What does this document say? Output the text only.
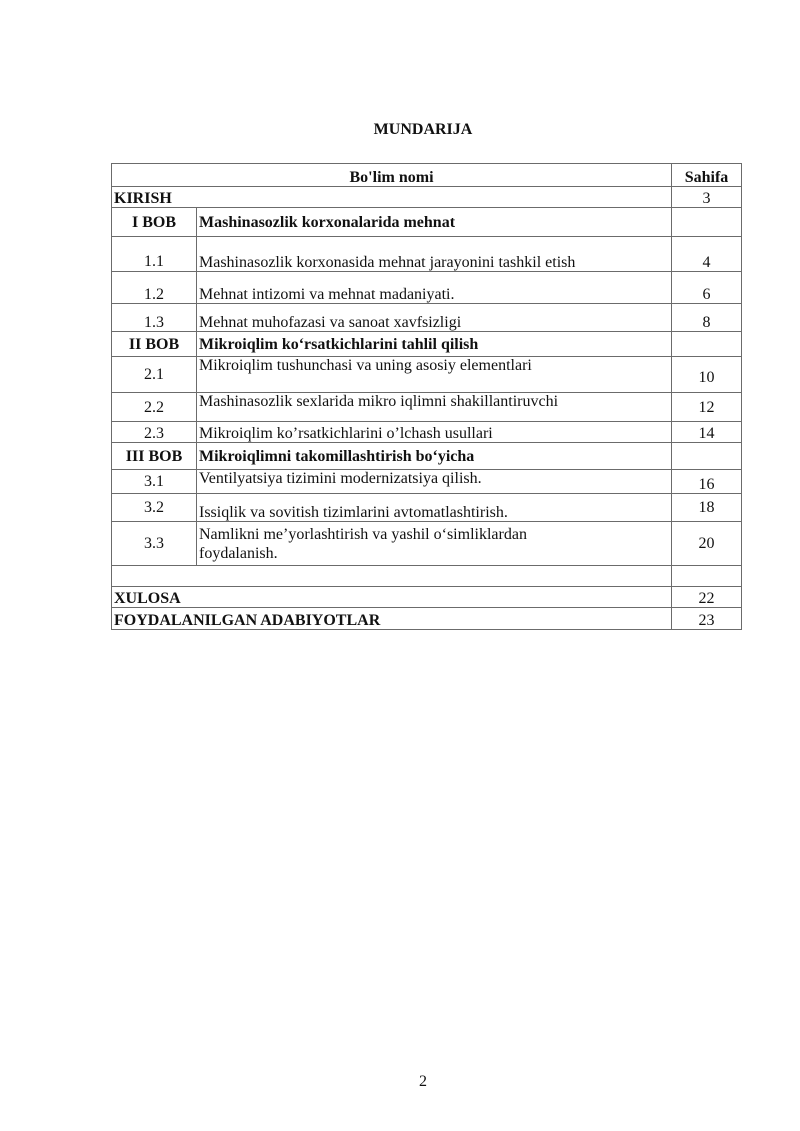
MUNDARIJA
Bo'lim nomi		Sahifa
KIRISH		3
I BOB	Mashinasozlik korxonalarida mehnat	
1.1	Mashinasozlik korxonasida mehnat jarayonini tashkil etish	4
1.2	Mehnat intizomi va mehnat madaniyati.	6
1.3	Mehnat muhofazasi va sanoat xavfsizligi	8
II BOB	Mikroiqlim ko‘rsatkichlarini tahlil qilish	
2.1	Mikroiqlim tushunchasi va uning asosiy elementlari	10
2.2	Mashinasozlik sexlarida mikro iqlimni shakillantiruvchi	12
2.3	Mikroiqlim ko’rsatkichlarini o’lchash usullari	14
III BOB	Mikroiqlimni takomillashtirish bo‘yicha	
3.1	Ventilyatsiya tizimini modernizatsiya qilish.	16
3.2	Issiqlik va sovitish tizimlarini avtomatlashtirish.	18
3.3	Namlikni me’yorlashtirish va yashil o‘simliklardan foydalanish.	20

XULOSA		22
FOYDALANILGAN ADABIYOTLAR		23
2
